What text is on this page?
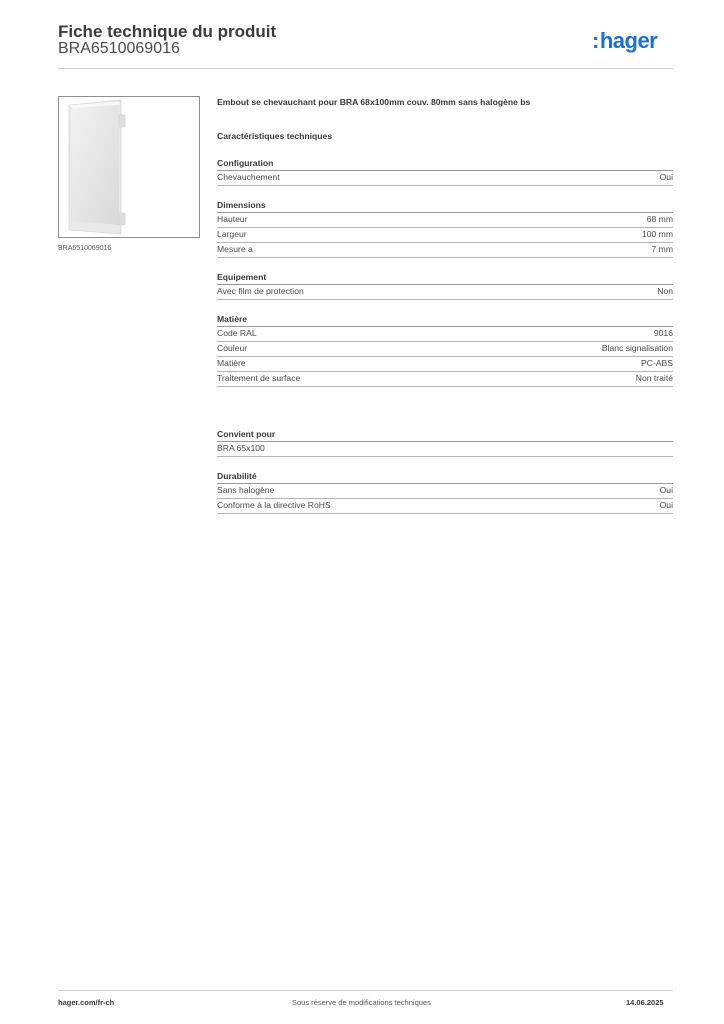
Fiche technique du produit
BRA6510069016	:hager
BRA6510069016
Embout se chevauchant pour BRA 68x100mm couv. 80mm sans halogène bs
Caractéristiques techniques
Configuration
Chevauchement	Oui
Dimensions
Hauteur	68 mm
Largeur	100 mm
Mesure a	7 mm
Equipement
Avec film de protection	Non
Matière
Code RAL	9016
Couleur	Blanc signalisation
Matière	PC-ABS
Traitement de surface	Non traité
Convient pour
BRA 65x100
Durabilité
Sans halogène	Oui
Conforme à la directive RoHS	Oui
hager.com/fr-ch	Sous réserve de modifications techniques	14.06.2025
